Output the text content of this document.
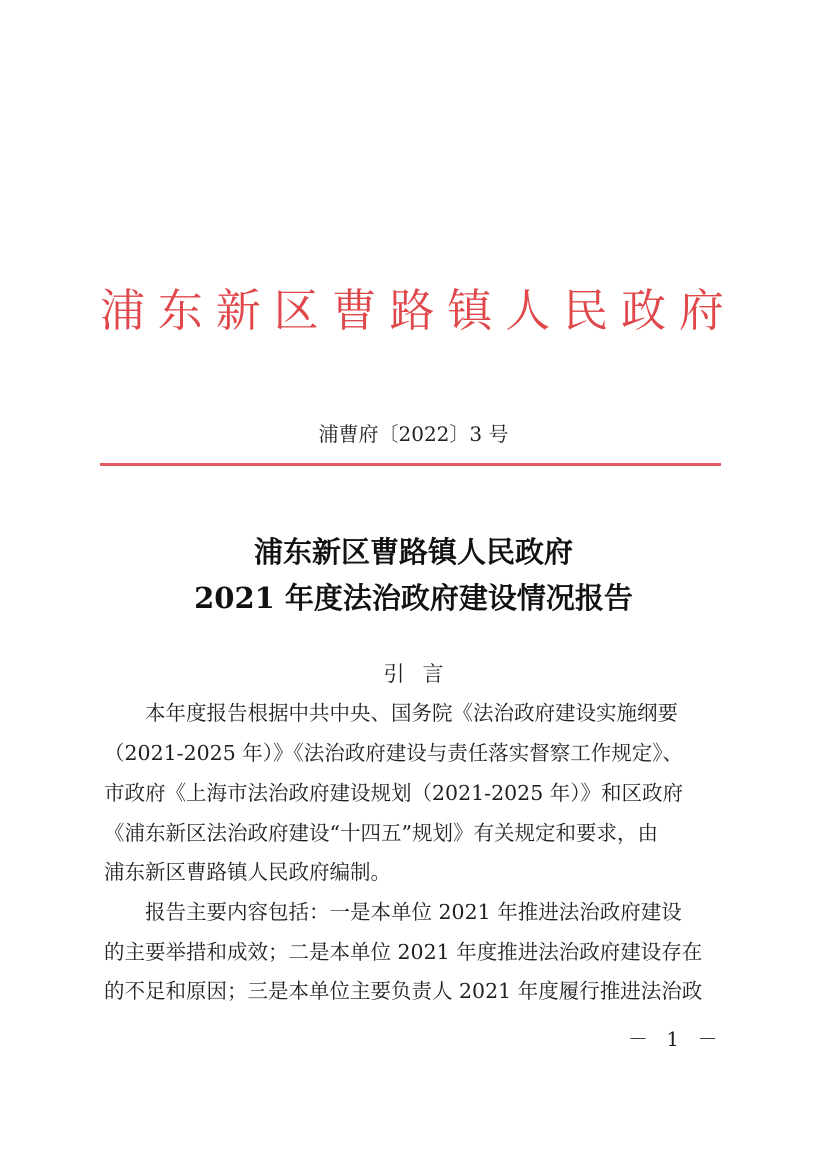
浦 东 新 区 曹 路 镇 人 民 政 府
浦曹府〔2022〕3 号
浦东新区曹路镇人民政府
2021 年度法治政府建设情况报告
引言
　　本年度报告根据中共中央、国务院《法治政府建设实施纲要
（2021-2025 年）》《法治政府建设与责任落实督察工作规定》、
市政府《上海市法治政府建设规划（2021-2025 年）》和区政府
《浦东新区法治政府建设“十四五”规划》有关规定和要求，由
浦东新区曹路镇人民政府编制。
　　报告主要内容包括：一是本单位 2021 年推进法治政府建设
的主要举措和成效；二是本单位 2021 年度推进法治政府建设存在
的不足和原因；三是本单位主要负责人 2021 年度履行推进法治政
－ 1 －
